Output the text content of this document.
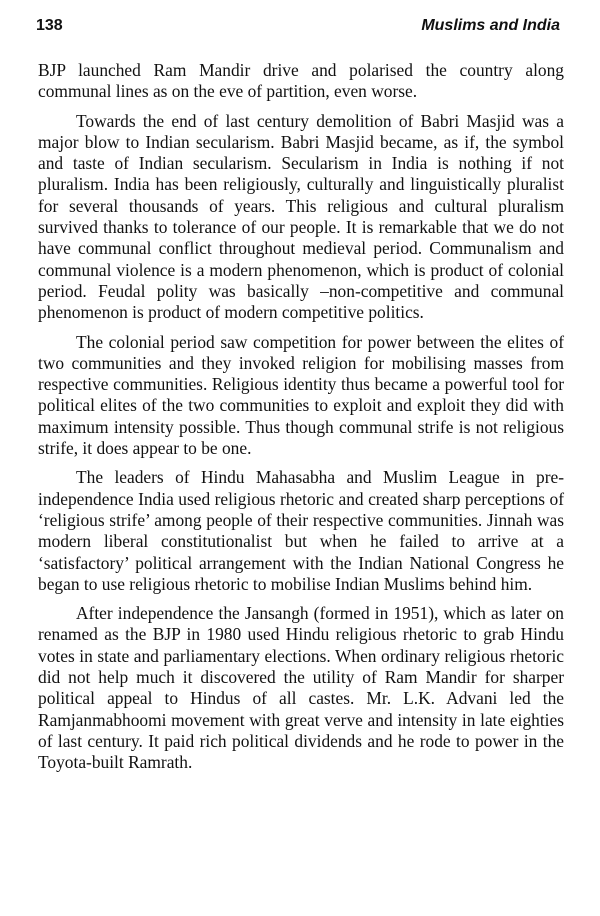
138	Muslims and India

BJP launched Ram Mandir drive and polarised the country along communal lines as on the eve of partition, even worse.

Towards the end of last century demolition of Babri Masjid was a major blow to Indian secularism. Babri Masjid became, as if, the symbol and taste of Indian secularism. Secularism in India is nothing if not pluralism. India has been religiously, culturally and linguistically pluralist for several thousands of years. This religious and cultural pluralism survived thanks to tolerance of our people. It is remarkable that we do not have communal conflict throughout medieval period. Communalism and communal violence is a modern phenomenon, which is product of colonial period. Feudal polity was basically –non-competitive and communal phenomenon is product of modern competitive politics.

The colonial period saw competition for power between the elites of two communities and they invoked religion for mobilising masses from respective communities. Religious identity thus became a powerful tool for political elites of the two communities to exploit and exploit they did with maximum intensity possible. Thus though communal strife is not religious strife, it does appear to be one.

The leaders of Hindu Mahasabha and Muslim League in pre-independence India used religious rhetoric and created sharp perceptions of ‘religious strife’ among people of their respective communities. Jinnah was modern liberal constitutionalist but when he failed to arrive at a ‘satisfactory’ political arrangement with the Indian National Congress he began to use religious rhetoric to mobilise Indian Muslims behind him.

After independence the Jansangh (formed in 1951), which as later on renamed as the BJP in 1980 used Hindu religious rhetoric to grab Hindu votes in state and parliamentary elections. When ordinary religious rhetoric did not help much it discovered the utility of Ram Mandir for sharper political appeal to Hindus of all castes. Mr. L.K. Advani led the Ramjanmabhoomi movement with great verve and intensity in late eighties of last century. It paid rich political dividends and he rode to power in the Toyota-built Ramrath.
